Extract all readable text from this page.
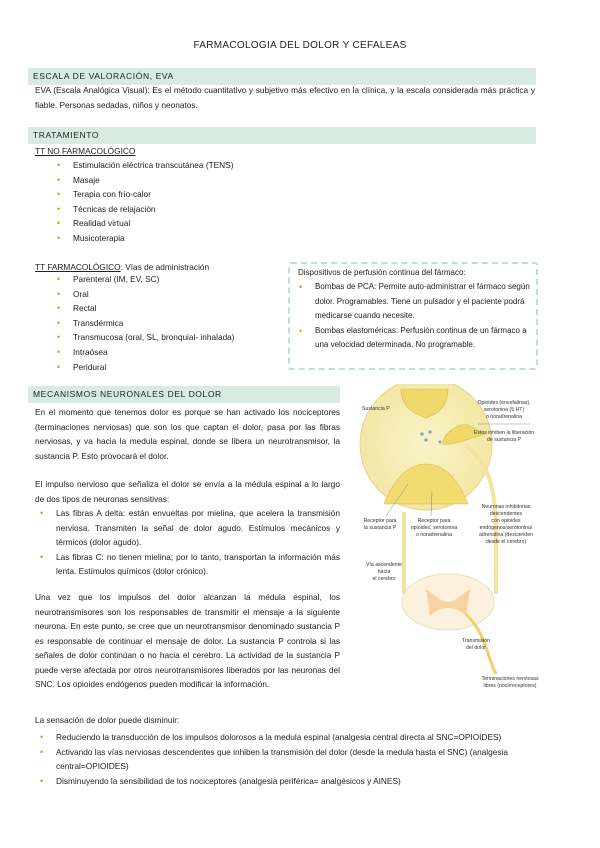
FARMACOLOGIA DEL DOLOR Y CEFALEAS
ESCALA DE VALORACIÓN, EVA
EVA (Escala Analógica Visual): Es el método cuantitativo y subjetivo más efectivo en la clínica, y la escala considerada más práctica y fiable. Personas sedadas, niños y neonatos.
TRATAMIENTO
TT NO FARMACOLÓGICO
• Estimulación eléctrica transcutánea (TENS)
• Masaje
• Terapia con frío-calor
• Técnicas de relajación
• Realidad virtual
• Musicoterapia
TT FARMACOLÓGICO: Vías de administración
• Parenteral (IM, EV, SC)
• Oral
• Rectal
• Transdérmica
• Transmucosa (oral, SL, bronquial- inhalada)
• Intraósea
• Peridural
Dispositivos de perfusión continua del fármaco:
• Bombas de PCA: Permite auto-administrar el fármaco según dolor. Programables. Tiene un pulsador y el paciente podrá medicarse cuando necesite.
• Bombas elastoméricas: Perfusión continua de un fármaco a una velocidad determinada. No programable.
MECANISMOS NEURONALES DEL DOLOR
En el momento que tenemos dolor es porque se han activado los nociceptores (terminaciones nerviosas) que son los que captan el dolor, pasa por las fibras nerviosas, y va hacia la medula espinal, donde se libera un neurotransmisor, la sustancia P. Esto provocará el dolor.
El impulso nervioso que señaliza el dolor se envía a la médula espinal a lo largo de dos tipos de neuronas sensitivas:
• Las fibras A delta: están envueltas por mielina, que acelera la transmisión nerviosa. Transmiten la señal de dolor agudo. Estímulos mecánicos y térmicos (dolor agudo).
• Las fibras C: no tienen mielina; por lo tanto, transportan la información más lenta. Estímulos químicos (dolor crónico).
Una vez que los impulsos del dolor alcanzan la médula espinal, los neurotransmisores son los responsables de transmitir el mensaje a la siguiente neurona. En este punto, se cree que un neurotransmisor denominado sustancia P es responsable de continuar el mensaje de dolor. La sustancia P controla si las señales de dolor continúan o no hacia el cerebro. La actividad de la sustancia P puede verse afectada por otros neurotransmisores liberados por las neuronas del SNC. Los opioides endógenos pueden modificar la información.
La sensación de dolor puede disminuir:
• Reduciendo la transducción de los impulsos dolorosos a la medula espinal (analgesia central directa al SNC=OPIOIDES)
• Activando las vías nerviosas descendentes que inhiben la transmisión del dolor (desde la medula hasta el SNC) (analgesia central=OPIOIDES)
• Disminuyendo la sensibilidad de los nociceptores (analgesia periférica= analgésicos y AINES)
Sustancia P
Opioides (encefalinas),
serotonina (5 HT)
o noradrenalina
Estos inhiben la liberación
de sustancia P
Receptor para
la sustancia P
Receptor para
opioides, serotonina
o noradrenalina
Neuronas inhibitorias
descendentes
con opioides
endógenos/serotonina/
adrenalina (descienden
desde el cerebro)
Vía ascendente
hacia
el cerebro
Transmisión
del dolor
Terminaciones nerviosas
libres (nocirreceptores)
